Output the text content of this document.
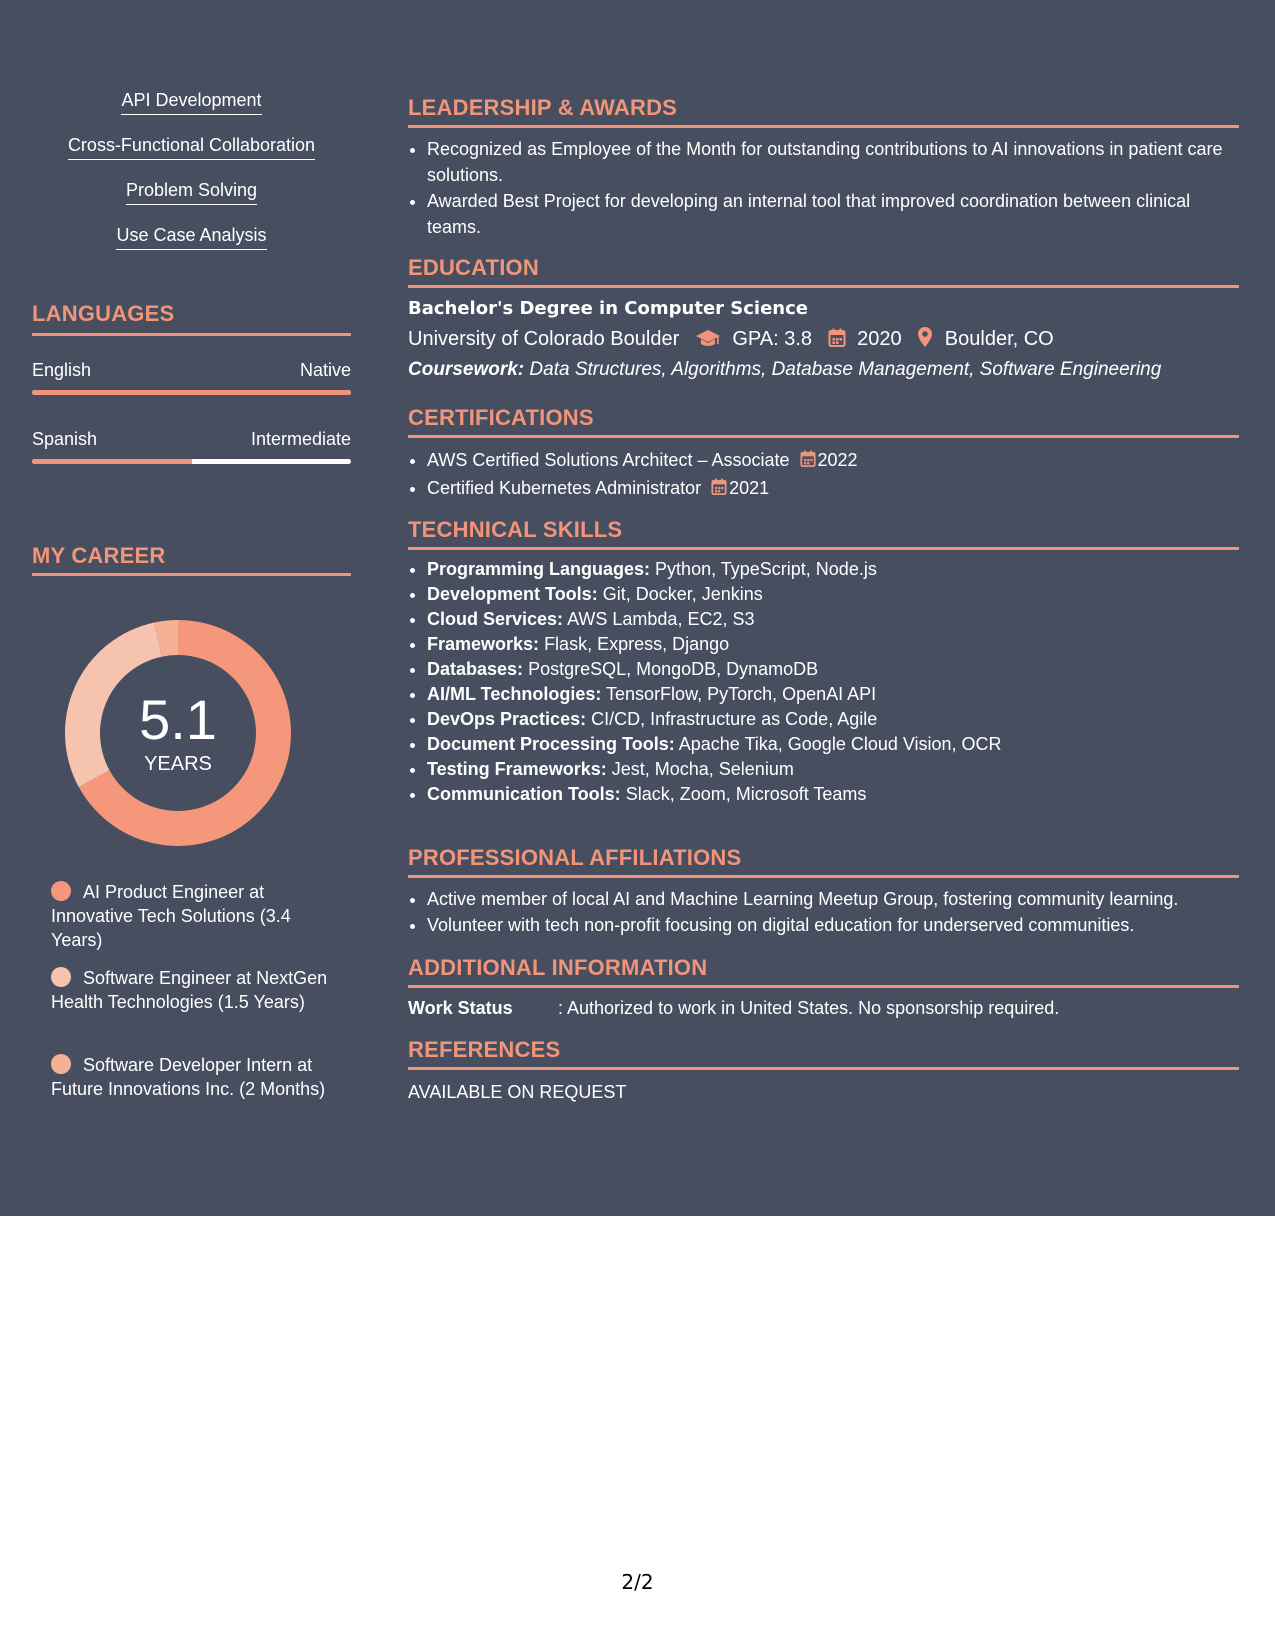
API Development
Cross-Functional Collaboration
Problem Solving
Use Case Analysis
LANGUAGES
English	Native
Spanish	Intermediate
MY CAREER
5.1
YEARS
AI Product Engineer at Innovative Tech Solutions (3.4 Years)
Software Engineer at NextGen Health Technologies (1.5 Years)
Software Developer Intern at Future Innovations Inc. (2 Months)
LEADERSHIP & AWARDS
• Recognized as Employee of the Month for outstanding contributions to AI innovations in patient care solutions.
• Awarded Best Project for developing an internal tool that improved coordination between clinical teams.
EDUCATION
Bachelor's Degree in Computer Science
University of Colorado Boulder	GPA: 3.8 2020 Boulder, CO
Coursework: Data Structures, Algorithms, Database Management, Software Engineering
CERTIFICATIONS
• AWS Certified Solutions Architect – Associate 2022
• Certified Kubernetes Administrator 2021
TECHNICAL SKILLS
• Programming Languages: Python, TypeScript, Node.js
• Development Tools: Git, Docker, Jenkins
• Cloud Services: AWS Lambda, EC2, S3
• Frameworks: Flask, Express, Django
• Databases: PostgreSQL, MongoDB, DynamoDB
• AI/ML Technologies: TensorFlow, PyTorch, OpenAI API
• DevOps Practices: CI/CD, Infrastructure as Code, Agile
• Document Processing Tools: Apache Tika, Google Cloud Vision, OCR
• Testing Frameworks: Jest, Mocha, Selenium
• Communication Tools: Slack, Zoom, Microsoft Teams
PROFESSIONAL AFFILIATIONS
• Active member of local AI and Machine Learning Meetup Group, fostering community learning.
• Volunteer with tech non-profit focusing on digital education for underserved communities.
ADDITIONAL INFORMATION
Work Status	: Authorized to work in United States. No sponsorship required.
REFERENCES
AVAILABLE ON REQUEST
2/2
